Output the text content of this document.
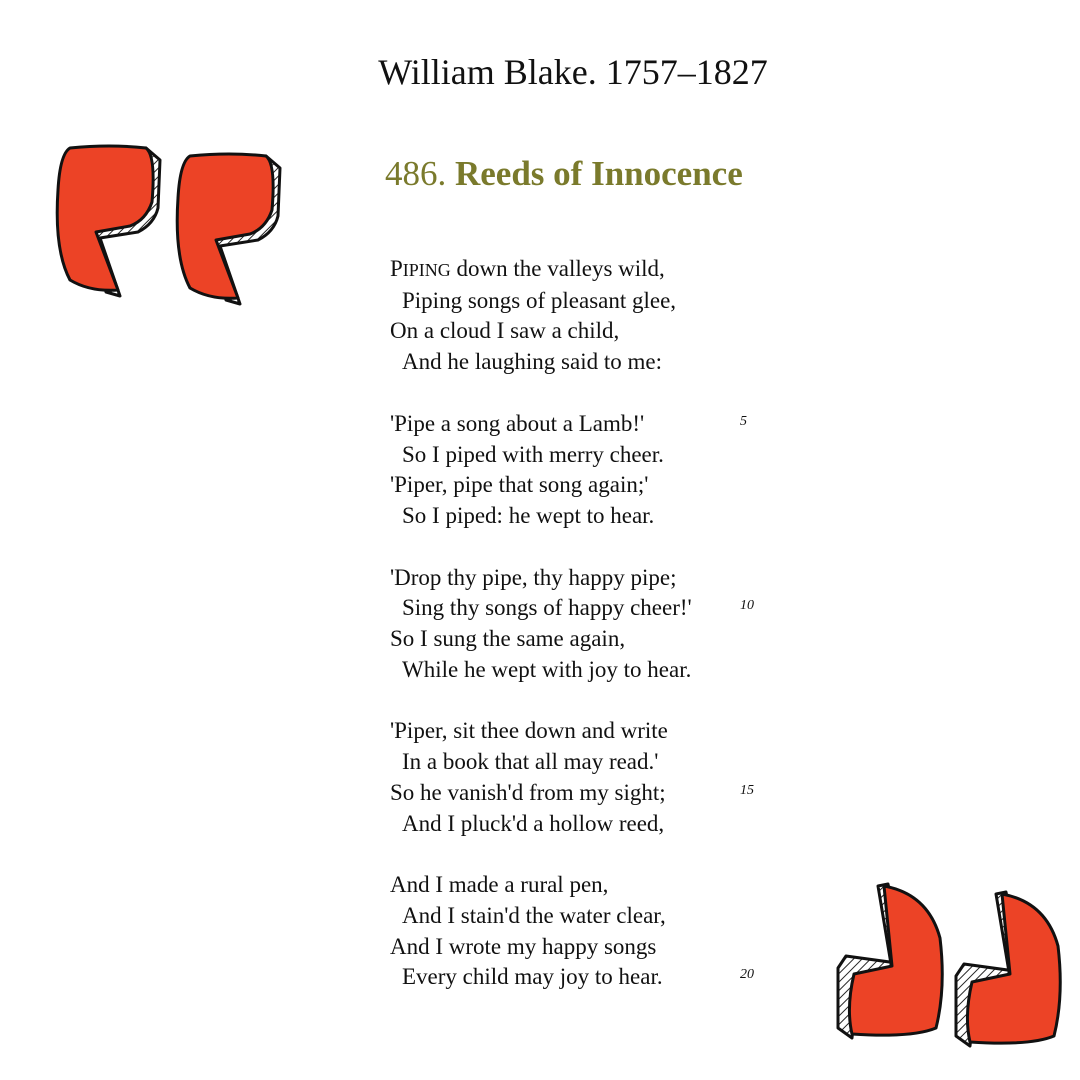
William Blake. 1757–1827
486. Reeds of Innocence
PIPING down the valleys wild,
Piping songs of pleasant glee,
On a cloud I saw a child,
And he laughing said to me:
'Pipe a song about a Lamb!'	5
So I piped with merry cheer.
'Piper, pipe that song again;'
So I piped: he wept to hear.
'Drop thy pipe, thy happy pipe;
Sing thy songs of happy cheer!'	10
So I sung the same again,
While he wept with joy to hear.
'Piper, sit thee down and write
In a book that all may read.'
So he vanish'd from my sight;	15
And I pluck'd a hollow reed,
And I made a rural pen,
And I stain'd the water clear,
And I wrote my happy songs
Every child may joy to hear.	20
